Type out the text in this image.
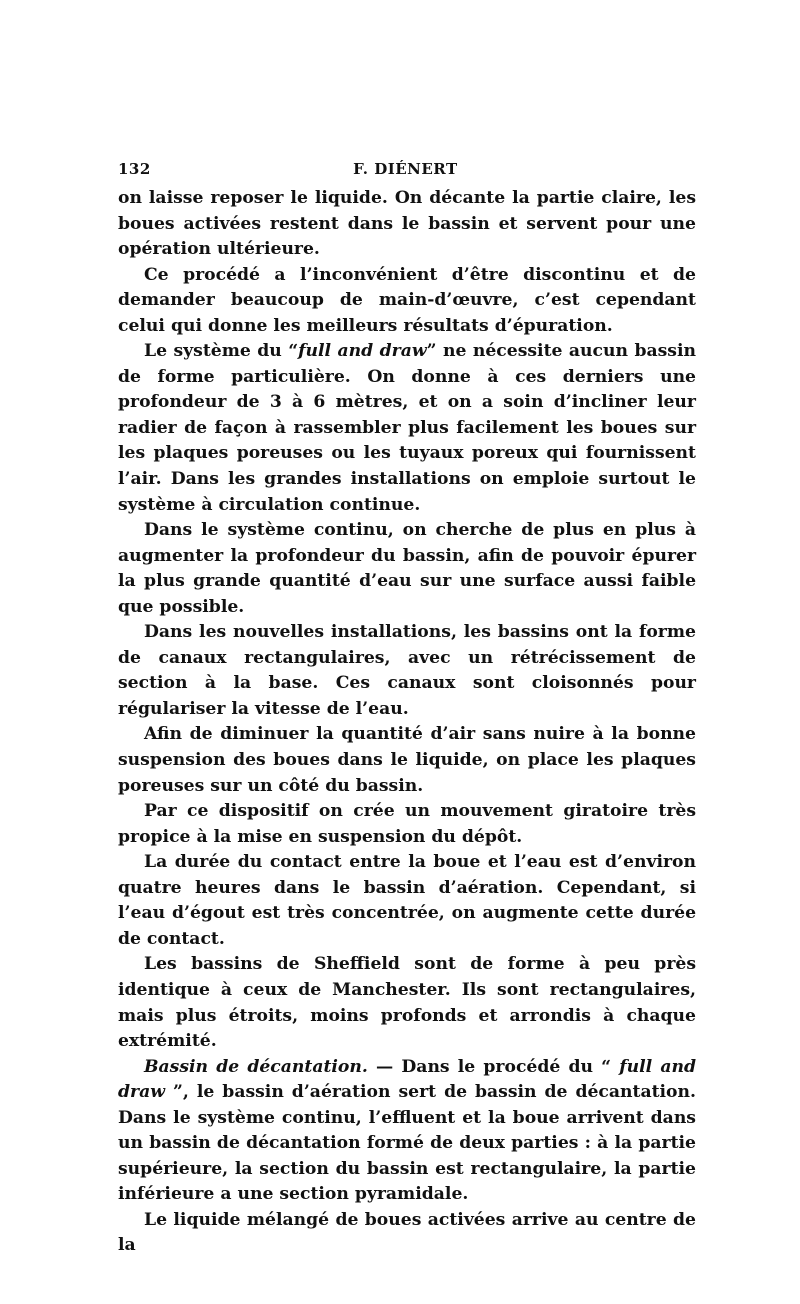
132	F. DIÉNERT

on laisse reposer le liquide. On décante la partie claire, les boues activées restent dans le bassin et servent pour une opération ultérieure.

Ce procédé a l’inconvénient d’être discontinu et de demander beaucoup de main-d’œuvre, c’est cependant celui qui donne les meilleurs résultats d’épuration.

Le système du “full and draw” ne nécessite aucun bassin de forme particulière. On donne à ces derniers une profondeur de 3 à 6 mètres, et on a soin d’incliner leur radier de façon à rassembler plus facilement les boues sur les plaques poreuses ou les tuyaux poreux qui fournissent l’air. Dans les grandes installations on emploie surtout le système à circulation continue.

Dans le système continu, on cherche de plus en plus à augmenter la profondeur du bassin, afin de pouvoir épurer la plus grande quantité d’eau sur une surface aussi faible que possible.

Dans les nouvelles installations, les bassins ont la forme de canaux rectangulaires, avec un rétrécissement de section à la base. Ces canaux sont cloisonnés pour régulariser la vitesse de l’eau.

Afin de diminuer la quantité d’air sans nuire à la bonne suspension des boues dans le liquide, on place les plaques poreuses sur un côté du bassin.

Par ce dispositif on crée un mouvement giratoire très propice à la mise en suspension du dépôt.

La durée du contact entre la boue et l’eau est d’environ quatre heures dans le bassin d’aération. Cependant, si l’eau d’égout est très concentrée, on augmente cette durée de contact.

Les bassins de Sheffield sont de forme à peu près identique à ceux de Manchester. Ils sont rectangulaires, mais plus étroits, moins profonds et arrondis à chaque extrémité.

Bassin de décantation. — Dans le procédé du “ full and draw ”, le bassin d’aération sert de bassin de décantation. Dans le système continu, l’effluent et la boue arrivent dans un bassin de décantation formé de deux parties : à la partie supérieure, la section du bassin est rectangulaire, la partie inférieure a une section pyramidale.

Le liquide mélangé de boues activées arrive au centre de la
